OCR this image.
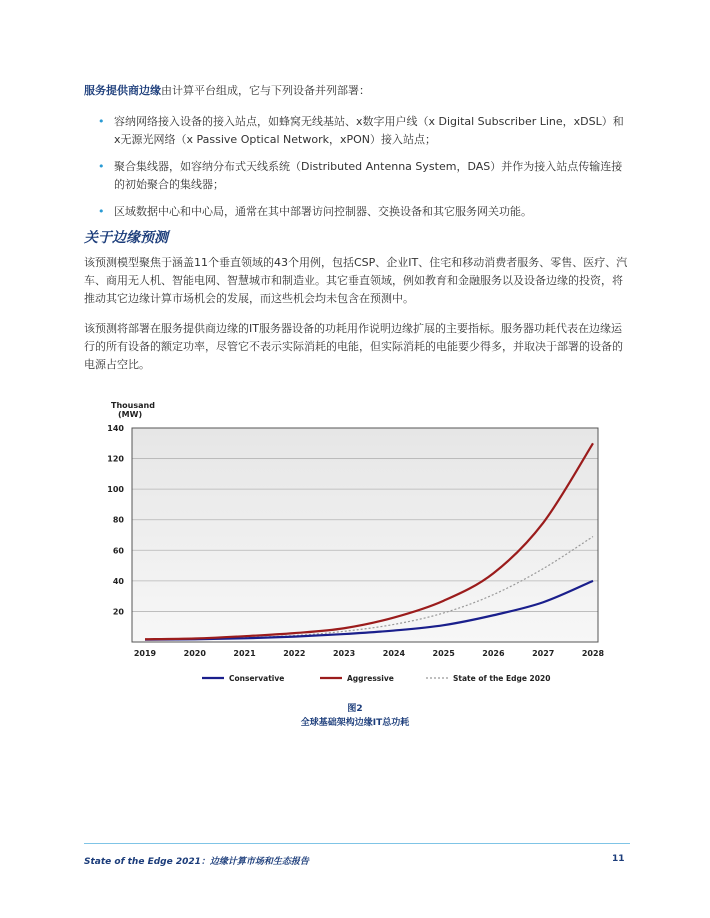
服务提供商边缘由计算平台组成，它与下列设备并列部署：
• 容纳网络接入设备的接入站点，如蜂窝无线基站、x数字用户线（x Digital Subscriber Line，xDSL）和x无源光网络（x Passive Optical Network，xPON）接入站点；
• 聚合集线器，如容纳分布式天线系统（Distributed Antenna System，DAS）并作为接入站点传输连接的初始聚合的集线器；
• 区域数据中心和中心局，通常在其中部署访问控制器、交换设备和其它服务网关功能。
关于边缘预测
该预测模型聚焦于涵盖11个垂直领域的43个用例，包括CSP、企业IT、住宅和移动消费者服务、零售、医疗、汽车、商用无人机、智能电网、智慧城市和制造业。其它垂直领域，例如教育和金融服务以及设备边缘的投资，将推动其它边缘计算市场机会的发展，而这些机会均未包含在预测中。
该预测将部署在服务提供商边缘的IT服务器设备的功耗用作说明边缘扩展的主要指标。服务器功耗代表在边缘运行的所有设备的额定功率，尽管它不表示实际消耗的电能，但实际消耗的电能要少得多，并取决于部署的设备的电源占空比。
Thousand
(MW)
20
40
60
80
100
120
140
2019	2020	2021	2022	2023	2024	2025	2026	2027	2028
Conservative	Aggressive	State of the Edge 2020
图2
全球基础架构边缘IT总功耗
State of the Edge 2021：边缘计算市场和生态报告	11
